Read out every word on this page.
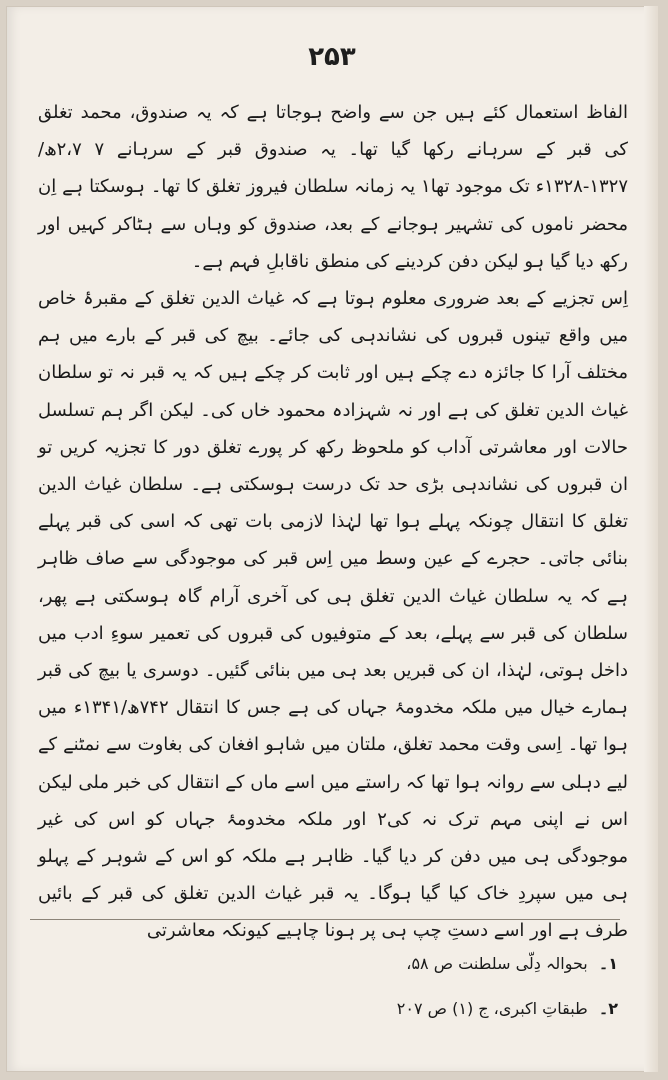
۲۵۳

الفاظ استعمال کئے ہیں جن سے واضح ہوجاتا ہے کہ یہ صندوق، محمد تغلق کی قبر کے سرہانے رکھا گیا تھا۔ یہ صندوق قبر کے سرہانے ۷ ۲،۷ھ/۱۳۲۷-۱۳۲۸ء تک موجود تھا۱ یہ زمانہ سلطان فیروز تغلق کا تھا۔ ہوسکتا ہے اِن محضر ناموں کی تشہیر ہوجانے کے بعد، صندوق کو وہاں سے ہٹاکر کہیں اور رکھ دیا گیا ہو لیکن دفن کردینے کی منطق ناقابلِ فہم ہے۔

اِس تجزیے کے بعد ضروری معلوم ہوتا ہے کہ غیاث الدین تغلق کے مقبرۂ خاص میں واقع تینوں قبروں کی نشاندہی کی جائے۔ بیچ کی قبر کے بارے میں ہم مختلف آرا کا جائزہ دے چکے ہیں اور ثابت کر چکے ہیں کہ یہ قبر نہ تو سلطان غیاث الدین تغلق کی ہے اور نہ شہزادہ محمود خاں کی۔ لیکن اگر ہم تسلسل حالات اور معاشرتی آداب کو ملحوظ رکھ کر پورے تغلق دور کا تجزیہ کریں تو ان قبروں کی نشاندہی بڑی حد تک درست ہوسکتی ہے۔ سلطان غیاث الدین تغلق کا انتقال چونکہ پہلے ہوا تھا لہٰذا لازمی بات تھی کہ اسی کی قبر پہلے بنائی جاتی۔ حجرے کے عین وسط میں اِس قبر کی موجودگی سے صاف ظاہر ہے کہ یہ سلطان غیاث الدین تغلق ہی کی آخری آرام گاہ ہوسکتی ہے پھر، سلطان کی قبر سے پہلے، بعد کے متوفیوں کی قبروں کی تعمیر سوءِ ادب میں داخل ہوتی، لہٰذا، ان کی قبریں بعد ہی میں بنائی گئیں۔ دوسری یا بیچ کی قبر ہمارے خیال میں ملکہ مخدومۂ جہاں کی ہے جس کا انتقال ۷۴۲ھ/۱۳۴۱ء میں ہوا تھا۔ اِسی وقت محمد تغلق، ملتان میں شاہو افغان کی بغاوت سے نمٹنے کے لیے دہلی سے روانہ ہوا تھا کہ راستے میں اسے ماں کے انتقال کی خبر ملی لیکن اس نے اپنی مہم ترک نہ کی۲ اور ملکہ مخدومۂ جہاں کو اس کی غیر موجودگی ہی میں دفن کر دیا گیا۔ ظاہر ہے ملکہ کو اس کے شوہر کے پہلو ہی میں سپردِ خاک کیا گیا ہوگا۔ یہ قبر غیاث الدین تغلق کی قبر کے بائیں طرف ہے اور اسے دستِ چپ ہی پر ہونا چاہیے کیونکہ معاشرتی

۱۔ بحوالہ دِلّی سلطنت ص ۵۸،

۲۔ طبقاتِ اکبری، ج (۱) ص ۲۰۷
